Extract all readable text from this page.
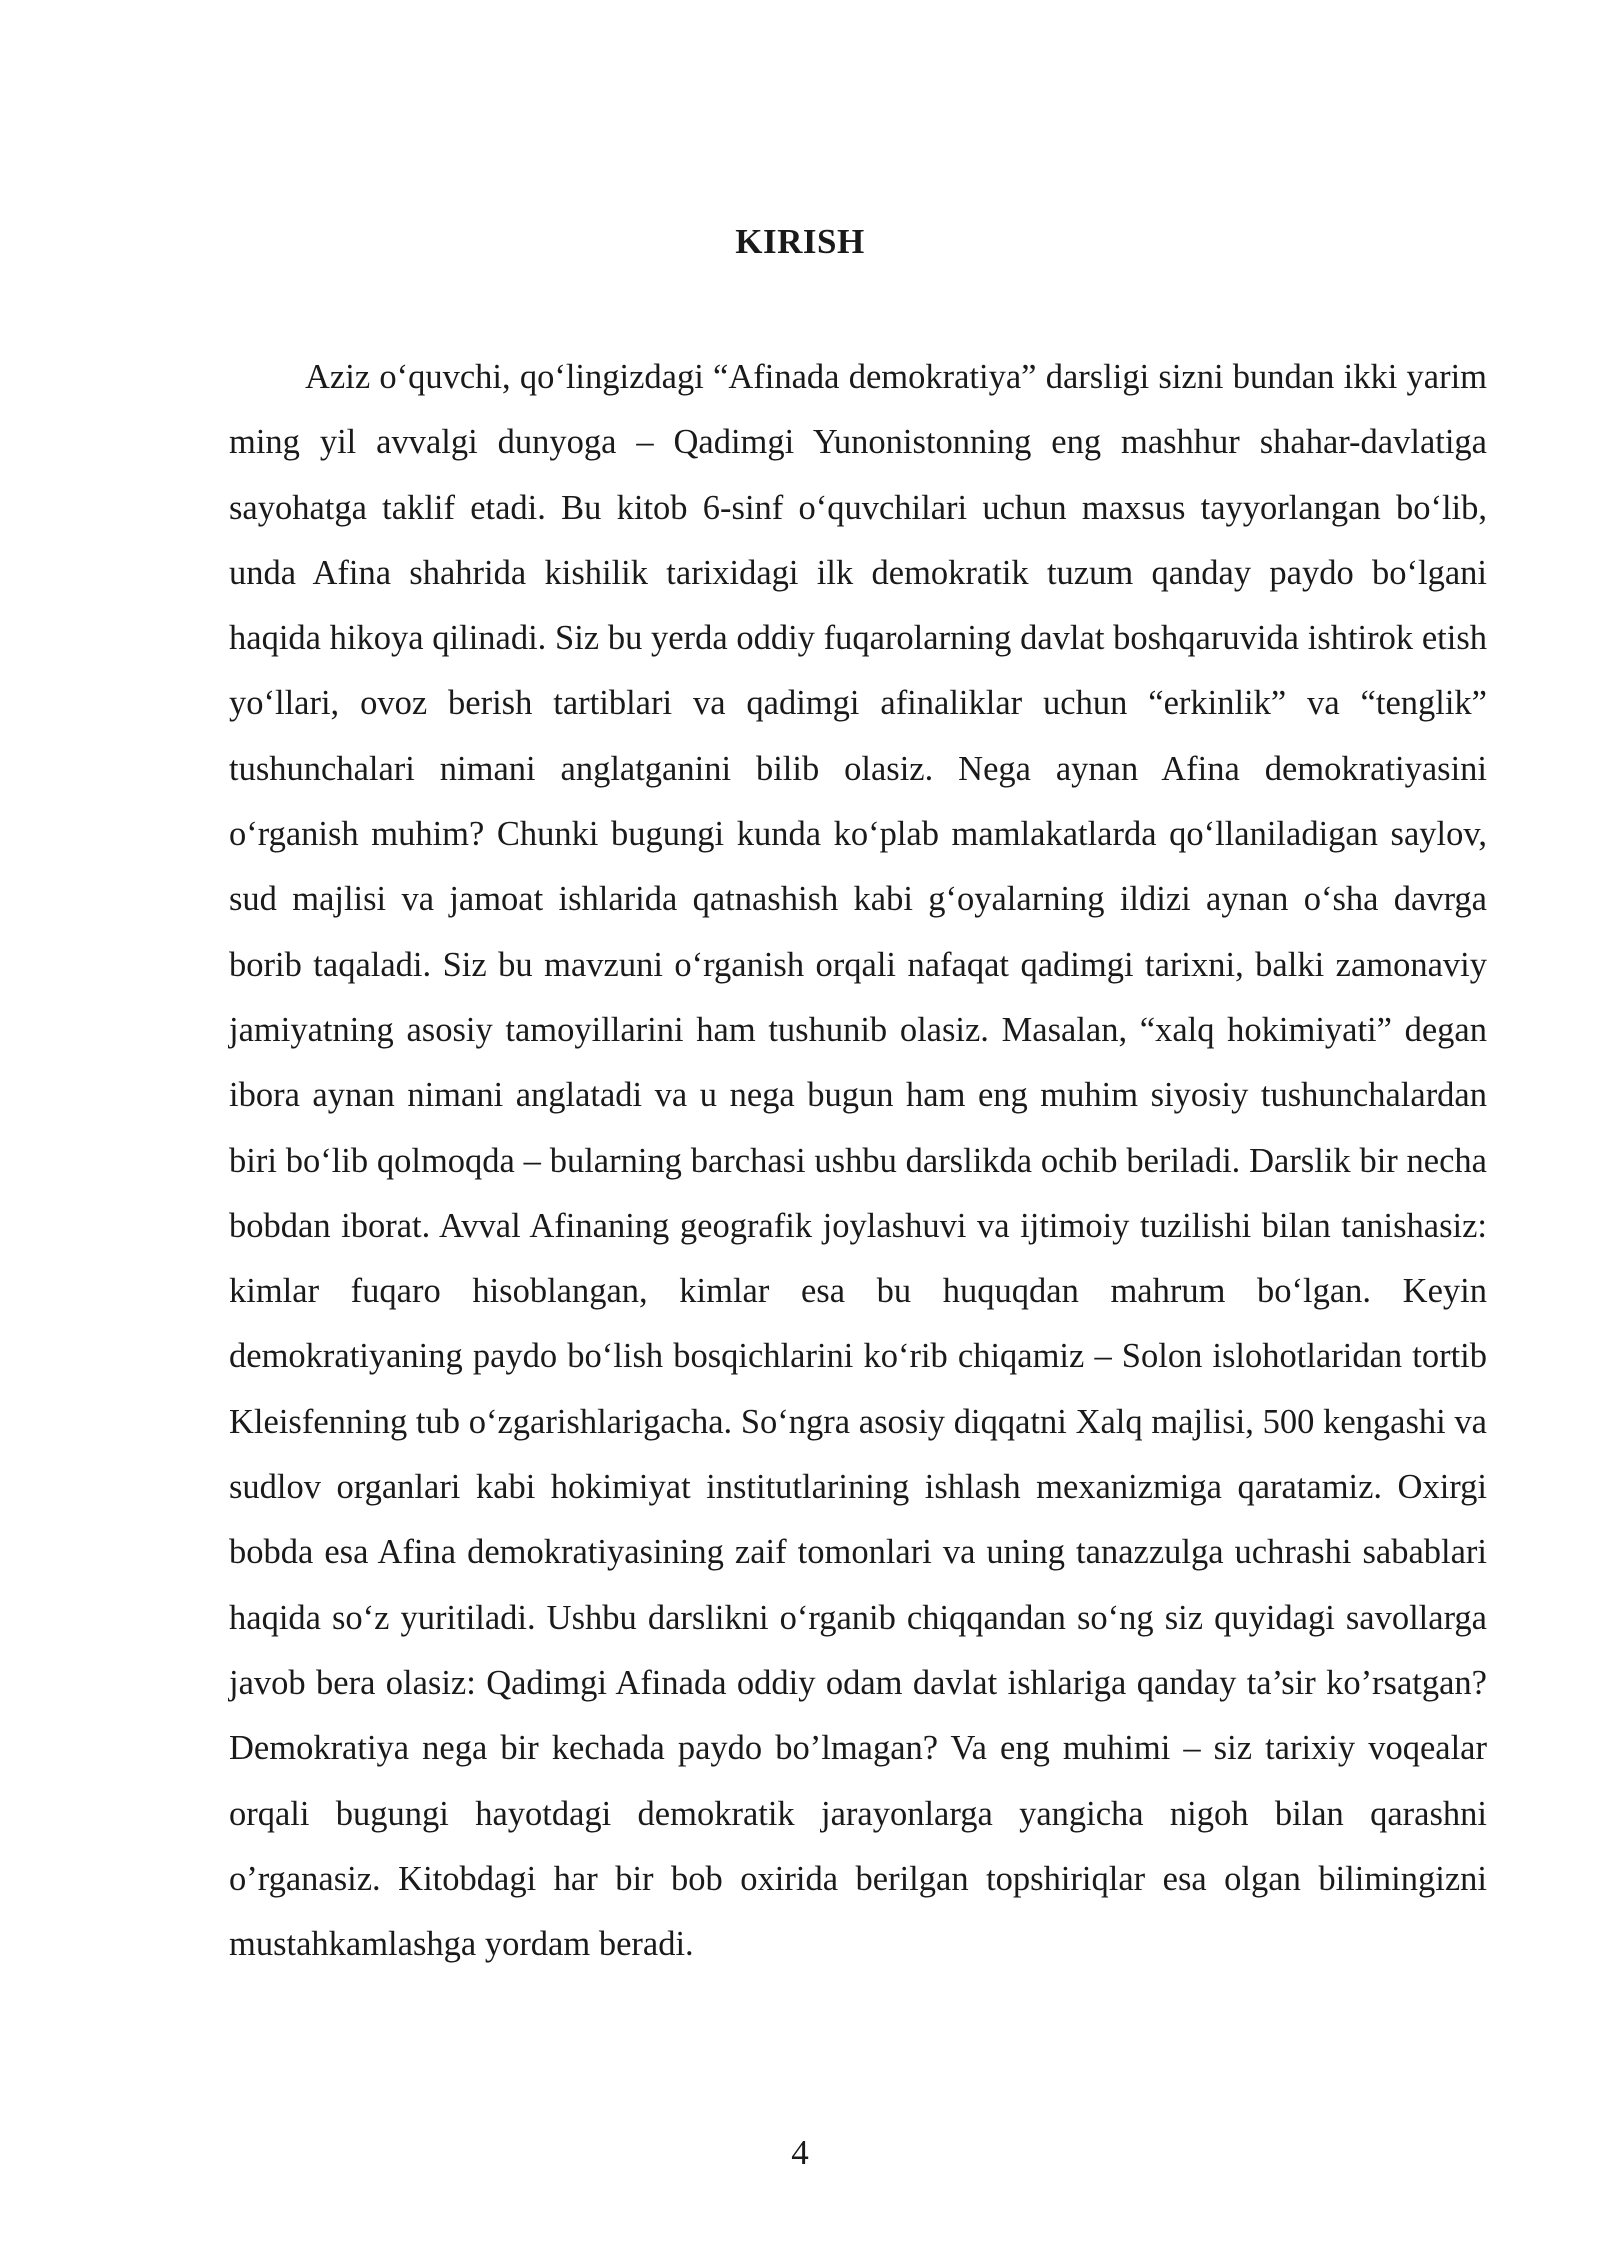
KIRISH

Aziz o‘quvchi, qo‘lingizdagi “Afinada demokratiya” darsligi sizni bundan ikki yarim ming yil avvalgi dunyoga – Qadimgi Yunonistonning eng mashhur shahar-davlatiga sayohatga taklif etadi. Bu kitob 6-sinf o‘quvchilari uchun maxsus tayyorlangan bo‘lib, unda Afina shahrida kishilik tarixidagi ilk demokratik tuzum qanday paydo bo‘lgani haqida hikoya qilinadi. Siz bu yerda oddiy fuqarolarning davlat boshqaruvida ishtirok etish yo‘llari, ovoz berish tartiblari va qadimgi afinaliklar uchun “erkinlik” va “tenglik” tushunchalari nimani anglatganini bilib olasiz. Nega aynan Afina demokratiyasini o‘rganish muhim? Chunki bugungi kunda ko‘plab mamlakatlarda qo‘llaniladigan saylov, sud majlisi va jamoat ishlarida qatnashish kabi g‘oyalarning ildizi aynan o‘sha davrga borib taqaladi. Siz bu mavzuni o‘rganish orqali nafaqat qadimgi tarixni, balki zamonaviy jamiyatning asosiy tamoyillarini ham tushunib olasiz. Masalan, “xalq hokimiyati” degan ibora aynan nimani anglatadi va u nega bugun ham eng muhim siyosiy tushunchalardan biri bo‘lib qolmoqda – bularning barchasi ushbu darslikda ochib beriladi. Darslik bir necha bobdan iborat. Avval Afinaning geografik joylashuvi va ijtimoiy tuzilishi bilan tanishasiz: kimlar fuqaro hisoblangan, kimlar esa bu huquqdan mahrum bo‘lgan. Keyin demokratiyaning paydo bo‘lish bosqichlarini ko‘rib chiqamiz – Solon islohotlaridan tortib Kleisfenning tub o‘zgarishlarigacha. So‘ngra asosiy diqqatni Xalq majlisi, 500 kengashi va sudlov organlari kabi hokimiyat institutlarining ishlash mexanizmiga qaratamiz. Oxirgi bobda esa Afina demokratiyasining zaif tomonlari va uning tanazzulga uchrashi sabablari haqida so‘z yuritiladi. Ushbu darslikni o‘rganib chiqqandan so‘ng siz quyidagi savollarga javob bera olasiz: Qadimgi Afinada oddiy odam davlat ishlariga qanday ta’sir ko’rsatgan? Demokratiya nega bir kechada paydo bo’lmagan? Va eng muhimi – siz tarixiy voqealar orqali bugungi hayotdagi demokratik jarayonlarga yangicha nigoh bilan qarashni o’rganasiz. Kitobdagi har bir bob oxirida berilgan topshiriqlar esa olgan bilimingizni mustahkamlashga yordam beradi.

4
